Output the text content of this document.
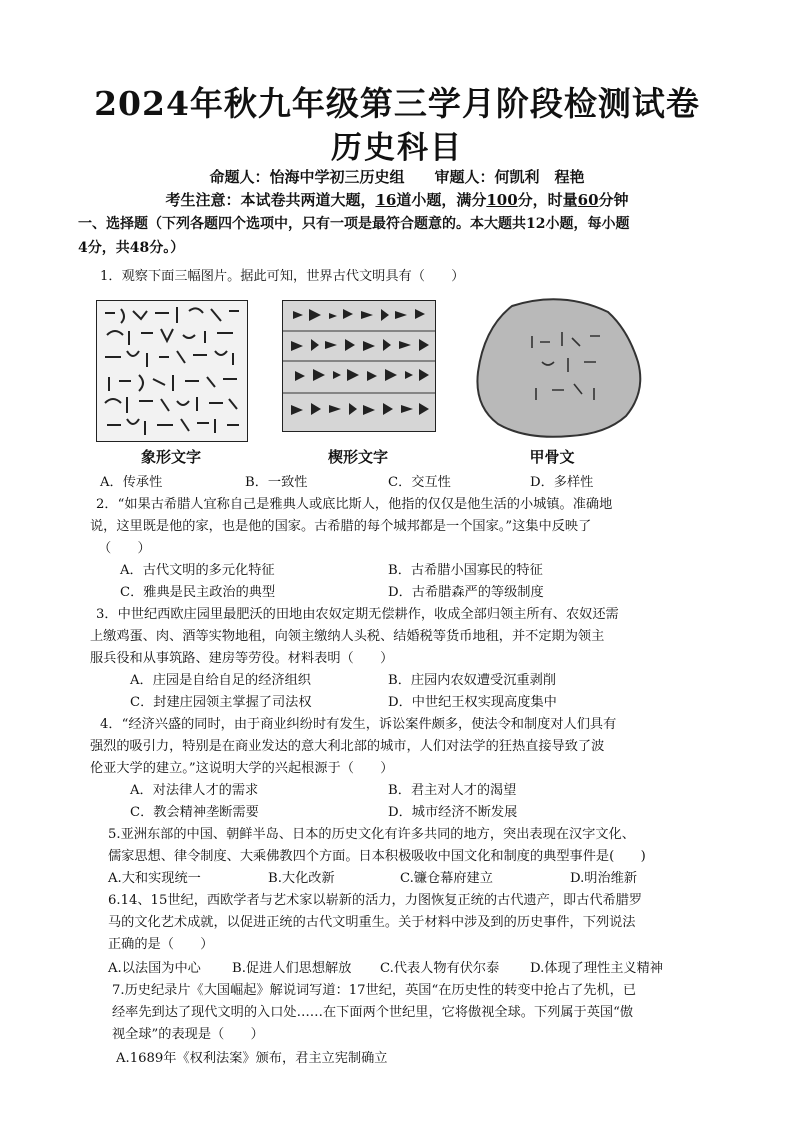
2024年秋九年级第三学月阶段检测试卷
历史科目
命题人：怡海中学初三历史组　　审题人：何凯利　程艳
考生注意：本试卷共两道大题，16道小题，满分100分，时量60分钟
一、选择题（下列各题四个选项中，只有一项是最符合题意的。本大题共12小题，每小题
4分，共48分。）
1．观察下面三幅图片。据此可知，世界古代文明具有（　　）
象形文字	楔形文字	甲骨文
A．传承性	B．一致性	C．交互性	D．多样性
2．“如果古希腊人宜称自己是雅典人或底比斯人，他指的仅仅是他生活的小城镇。准确地
说，这里既是他的家，也是他的国家。古希腊的每个城邦都是一个国家。”这集中反映了
（　　）
A．古代文明的多元化特征	B．古希腊小国寡民的特征
C．雅典是民主政治的典型	D．古希腊森严的等级制度
3．中世纪西欧庄园里最肥沃的田地由农奴定期无偿耕作，收成全部归领主所有、农奴还需
上缴鸡蛋、肉、酒等实物地租，向领主缴纳人头税、结婚税等货币地租，并不定期为领主
服兵役和从事筑路、建房等劳役。材料表明（　　）
A．庄园是自给自足的经济组织	B．庄园内农奴遭受沉重剥削
C．封建庄园领主掌握了司法权	D．中世纪王权实现高度集中
4．“经济兴盛的同时，由于商业纠纷时有发生，诉讼案件颇多，使法令和制度对人们具有
强烈的吸引力，特别是在商业发达的意大利北部的城市，人们对法学的狂热直接导致了波
伦亚大学的建立。”这说明大学的兴起根源于（　　）
A．对法律人才的需求	B．君主对人才的渴望
C．教会精神垄断需要	D．城市经济不断发展
5.亚洲东部的中国、朝鲜半岛、日本的历史文化有许多共同的地方，突出表现在汉字文化、
儒家思想、律令制度、大乘佛教四个方面。日本积极吸收中国文化和制度的典型事件是(　　)
A.大和实现统一	B.大化改新	C.镰仓幕府建立	D.明治维新
6.14、15世纪，西欧学者与艺术家以崭新的活力，力图恢复正统的古代遗产，即古代希腊罗
马的文化艺术成就，以促进正统的古代文明重生。关于材料中涉及到的历史事件，下列说法
正确的是（　　）
A.以法国为中心 B.促进人们思想解放 C.代表人物有伏尔泰 D.体现了理性主义精神
7.历史纪录片《大国崛起》解说词写道：17世纪，英国“在历史性的转变中抢占了先机，已
经率先到达了现代文明的入口处……在下面两个世纪里，它将傲视全球。下列属于英国“傲
视全球”的表现是（　　）
A.1689年《权利法案》颁布，君主立宪制确立
